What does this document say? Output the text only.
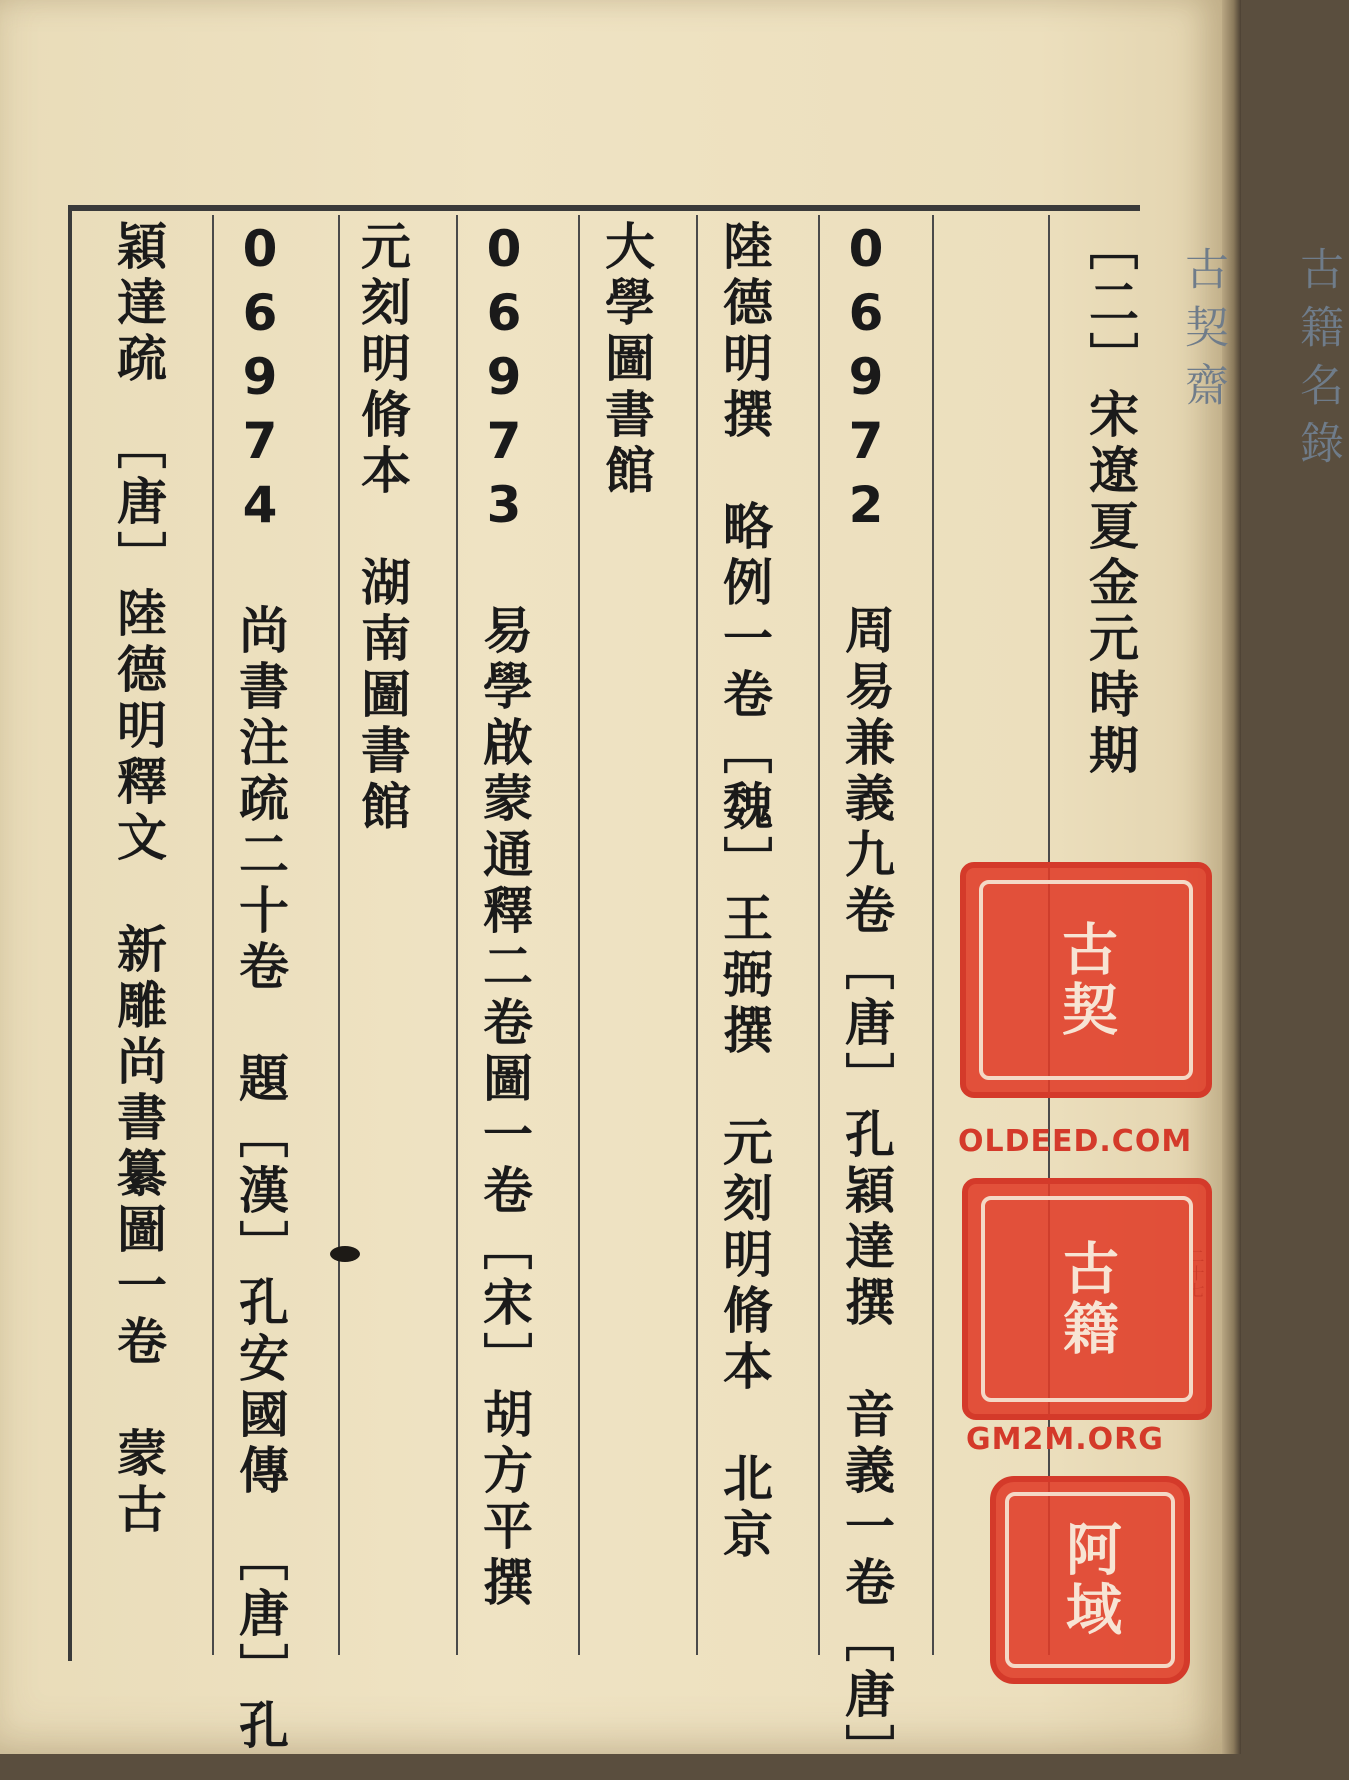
［二］宋遼夏金元時期
06972 周易兼義九卷［唐］孔穎達撰　音義一卷［唐］
陸德明撰　略例一卷［魏］王弼撰　元刻明脩本　北京
大學圖書館
06973 易學啟蒙通釋二卷圖一卷［宋］胡方平撰
元刻明脩本　湖南圖書館
06974 尚書注疏二十卷　題［漢］孔安國傳　［唐］孔
穎達疏　［唐］陸德明釋文　新雕尚書纂圖一卷　蒙古	古籍名錄

古契齋
古契
OLDEED.COM
古籍
GM2M.ORG
阿域
